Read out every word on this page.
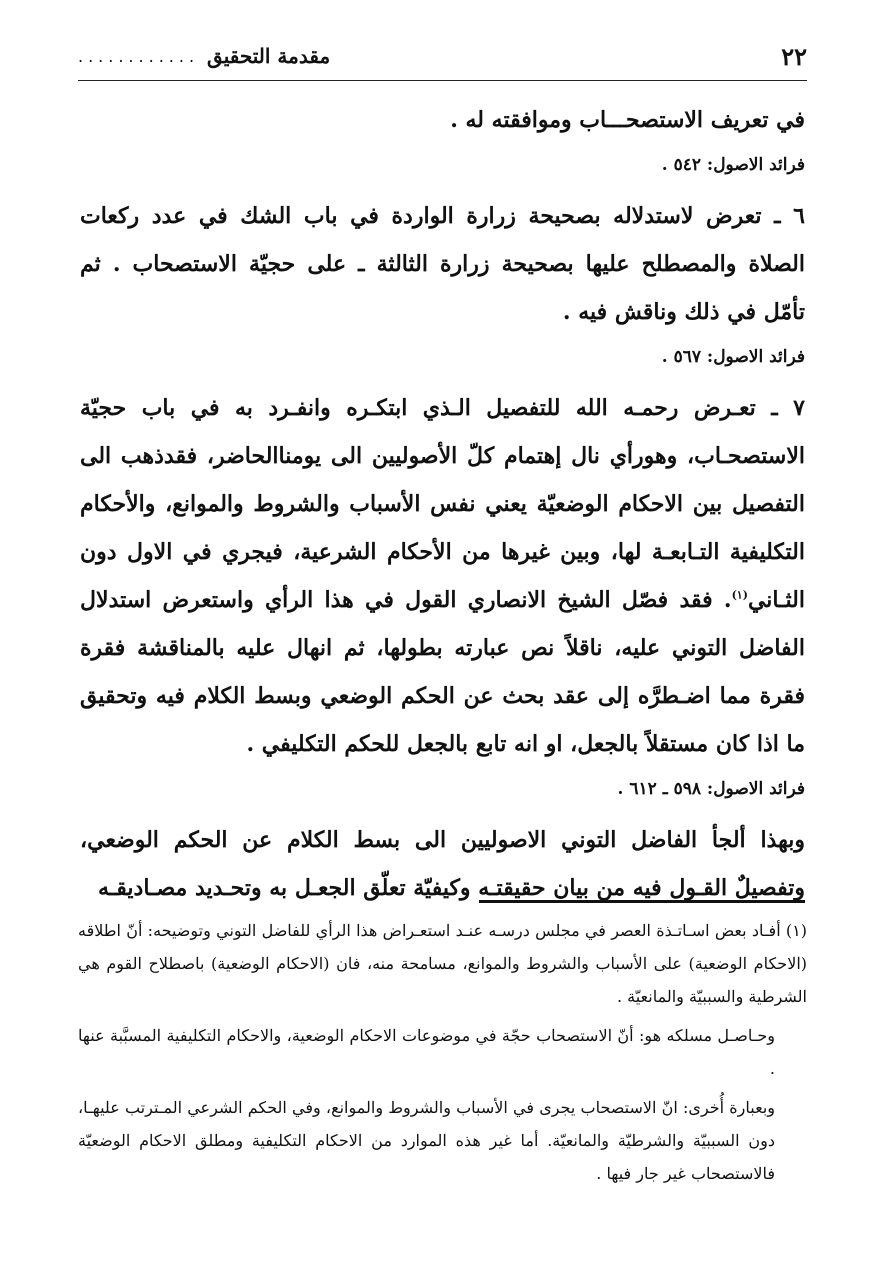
٢٢
مقدمة التحقيق
............

في تعريف الاستصحـــاب وموافقته له .

فرائد الاصول: ٥٤٢ .

٦ ـ تعرض لاستدلاله بصحيحة زرارة الواردة في باب الشك في عدد ركعات الصلاة والمصطلح عليها بصحيحة زرارة الثالثة ـ على حجيّة الاستصحاب . ثم تأمّل في ذلك وناقش فيه .

فرائد الاصول: ٥٦٧ .

٧ ـ تعـرض رحمـه الله للتفصيل الـذي ابتكـره وانفـرد به في باب حجيّة الاستصحـاب، وهورأي نال إهتمام كلّ الأصوليين الى يومناالحاضر، فقدذهب الى التفصيل بين الاحكام الوضعيّة يعني نفس الأسباب والشروط والموانع، والأحكام التكليفية التـابعـة لها، وبين غيرها من الأحكام الشرعية، فيجري في الاول دون الثـاني$^{(١)}$. فقد فصّل الشيخ الانصاري القول في هذا الرأي واستعرض استدلال الفاضل التوني عليه، ناقلاً نص عبارته بطولها، ثم انهال عليه بالمناقشة فقرة فقرة مما اضـطرَّه إلى عقد بحث عن الحكم الوضعي وبسط الكلام فيه وتحقيق ما اذا كان مستقلاً بالجعل، او انه تابع بالجعل للحكم التكليفي .

فرائد الاصول: ٥٩٨ ـ ٦١٢ .

وبهذا ألجأ الفاضل التوني الاصوليين الى بسط الكلام عن الحكم الوضعي، وتفصيلٌ القـول فيه من بيان حقيقتـه وكيفيّة تعلّق الجعـل به وتحـديد مصـاديقـه

(١) أفـاد بعض اسـاتـذة العصر في مجلس درسـه عنـد استعـراض هذا الرأي للفاضل التوني وتوضيحه: أنّ اطلاقه (الاحكام الوضعية) على الأسباب والشروط والموانع، مسامحة منه، فان (الاحكام الوضعية) باصطلاح القوم هي الشرطية والسببيّة والمانعيّة .

وحـاصـل مسلكه هو: أنّ الاستصحاب حجّة في موضوعات الاحكام الوضعية، والاحكام التكليفية المسبَّبة عنها .

وبعبارة أُخرى: انّ الاستصحاب يجرى في الأسباب والشروط والموانع، وفي الحكم الشرعي المـترتب عليهـا، دون السببيّة والشرطيّة والمانعيّة. أما غير هذه الموارد من الاحكام التكليفية ومطلق الاحكام الوضعيّة فالاستصحاب غير جار فيها .
